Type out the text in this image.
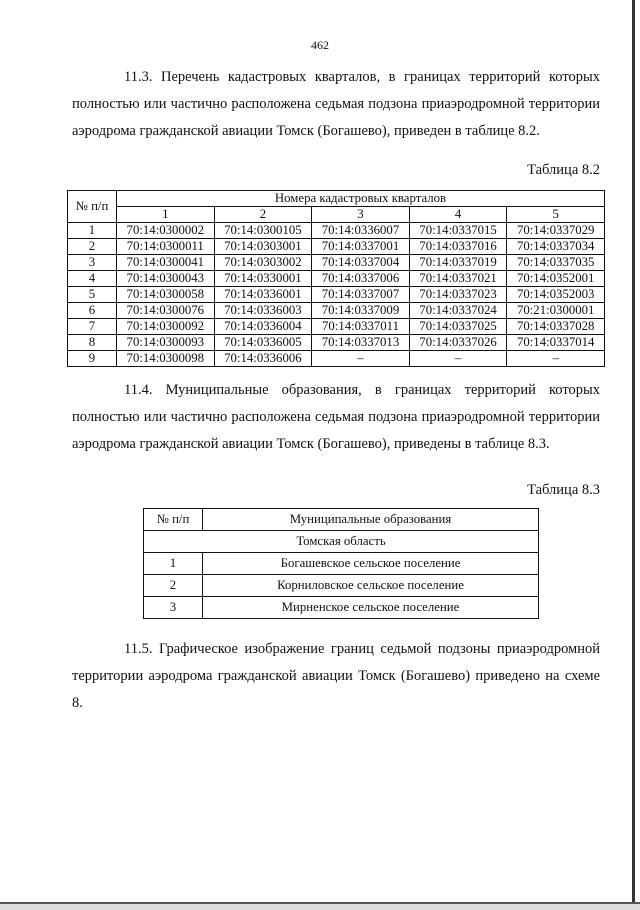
462
11.3. Перечень кадастровых кварталов, в границах территорий которых полностью или частично расположена седьмая подзона приаэродромной территории аэродрома гражданской авиации Томск (Богашево), приведен в таблице 8.2.
Таблица 8.2
№ п/п	Номера кадастровых кварталов				
	1	2	3	4	5
1	70:14:0300002	70:14:0300105	70:14:0336007	70:14:0337015	70:14:0337029
2	70:14:0300011	70:14:0303001	70:14:0337001	70:14:0337016	70:14:0337034
3	70:14:0300041	70:14:0303002	70:14:0337004	70:14:0337019	70:14:0337035
4	70:14:0300043	70:14:0330001	70:14:0337006	70:14:0337021	70:14:0352001
5	70:14:0300058	70:14:0336001	70:14:0337007	70:14:0337023	70:14:0352003
6	70:14:0300076	70:14:0336003	70:14:0337009	70:14:0337024	70:21:0300001
7	70:14:0300092	70:14:0336004	70:14:0337011	70:14:0337025	70:14:0337028
8	70:14:0300093	70:14:0336005	70:14:0337013	70:14:0337026	70:14:0337014
9	70:14:0300098	70:14:0336006	–	–	–
11.4. Муниципальные образования, в границах территорий которых полностью или частично расположена седьмая подзона приаэродромной территории аэродрома гражданской авиации Томск (Богашево), приведены в таблице 8.3.
Таблица 8.3
№ п/п	Муниципальные образования
Томская область	
1	Богашевское сельское поселение
2	Корниловское сельское поселение
3	Мирненское сельское поселение
11.5. Графическое изображение границ седьмой подзоны приаэродромной территории аэродрома гражданской авиации Томск (Богашево) приведено на схеме 8.
